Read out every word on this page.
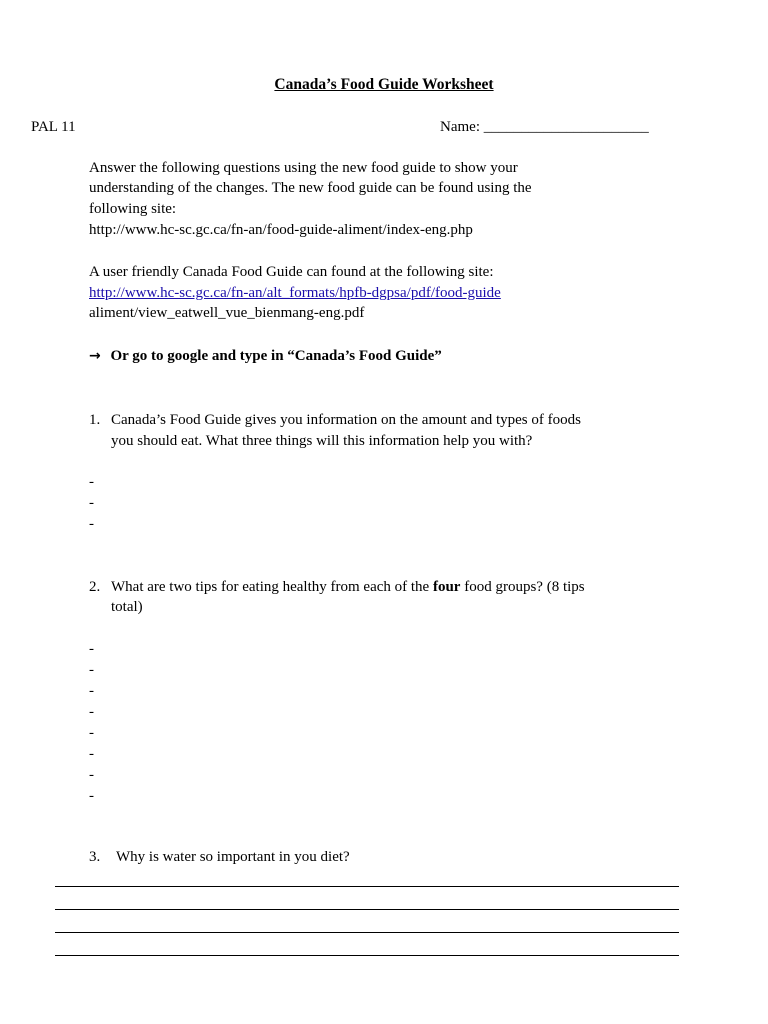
Canada’s Food Guide Worksheet
PAL 11	Name: ______________________
Answer the following questions using the new food guide to show your
understanding of the changes. The new food guide can be found using the
following site:
http://www.hc-sc.gc.ca/fn-an/food-guide-aliment/index-eng.php
A user friendly Canada Food Guide can found at the following site:
http://www.hc-sc.gc.ca/fn-an/alt_formats/hpfb-dgpsa/pdf/food-guide
aliment/view_eatwell_vue_bienmang-eng.pdf
→ Or go to google and type in “Canada’s Food Guide”
1. Canada’s Food Guide gives you information on the amount and types of foods
you should eat. What three things will this information help you with?
-
-
-
2. What are two tips for eating healthy from each of the four food groups? (8 tips
total)
-
-
-
-
-
-
-
-
3. Why is water so important in you diet?
